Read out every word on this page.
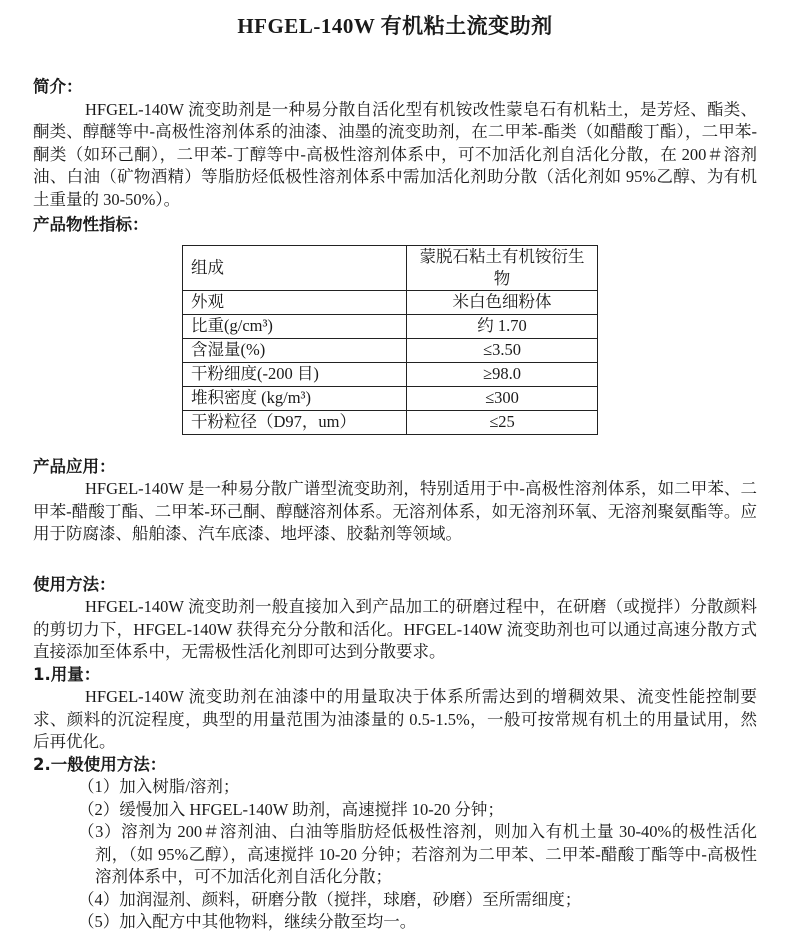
HFGEL-140W 有机粘土流变助剂

简介：

HFGEL-140W 流变助剂是一种易分散自活化型有机铵改性蒙皂石有机粘土，是芳烃、酯类、酮类、醇醚等中-高极性溶剂体系的油漆、油墨的流变助剂，在二甲苯-酯类（如醋酸丁酯），二甲苯-酮类（如环己酮），二甲苯-丁醇等中-高极性溶剂体系中，可不加活化剂自活化分散，在 200＃溶剂油、白油（矿物酒精）等脂肪烃低极性溶剂体系中需加活化剂助分散（活化剂如 95%乙醇、为有机土重量的 30-50%）。

产品物性指标：

组成	蒙脱石粘土有机铵衍生物
外观	米白色细粉体
比重(g/cm³)	约 1.70
含湿量(%)	≤3.50
干粉细度(-200 目)	≥98.0
堆积密度 (kg/m³)	≤300
干粉粒径（D97，um）	≤25

产品应用：

HFGEL-140W 是一种易分散广谱型流变助剂，特别适用于中-高极性溶剂体系，如二甲苯、二甲苯-醋酸丁酯、二甲苯-环己酮、醇醚溶剂体系。无溶剂体系，如无溶剂环氧、无溶剂聚氨酯等。应用于防腐漆、船舶漆、汽车底漆、地坪漆、胶黏剂等领域。

使用方法：

HFGEL-140W 流变助剂一般直接加入到产品加工的研磨过程中，在研磨（或搅拌）分散颜料的剪切力下，HFGEL-140W 获得充分分散和活化。HFGEL-140W 流变助剂也可以通过高速分散方式直接添加至体系中，无需极性活化剂即可达到分散要求。

1.用量：

HFGEL-140W 流变助剂在油漆中的用量取决于体系所需达到的增稠效果、流变性能控制要求、颜料的沉淀程度，典型的用量范围为油漆量的 0.5-1.5%，一般可按常规有机土的用量试用，然后再优化。

2.一般使用方法：

（1）加入树脂/溶剂；
（2）缓慢加入 HFGEL-140W 助剂，高速搅拌 10-20 分钟；
（3）溶剂为 200＃溶剂油、白油等脂肪烃低极性溶剂，则加入有机土量 30-40%的极性活化剂，（如 95%乙醇），高速搅拌 10-20 分钟；若溶剂为二甲苯、二甲苯-醋酸丁酯等中-高极性溶剂体系中，可不加活化剂自活化分散；
（4）加润湿剂、颜料，研磨分散（搅拌，球磨，砂磨）至所需细度；
（5）加入配方中其他物料，继续分散至均一。
